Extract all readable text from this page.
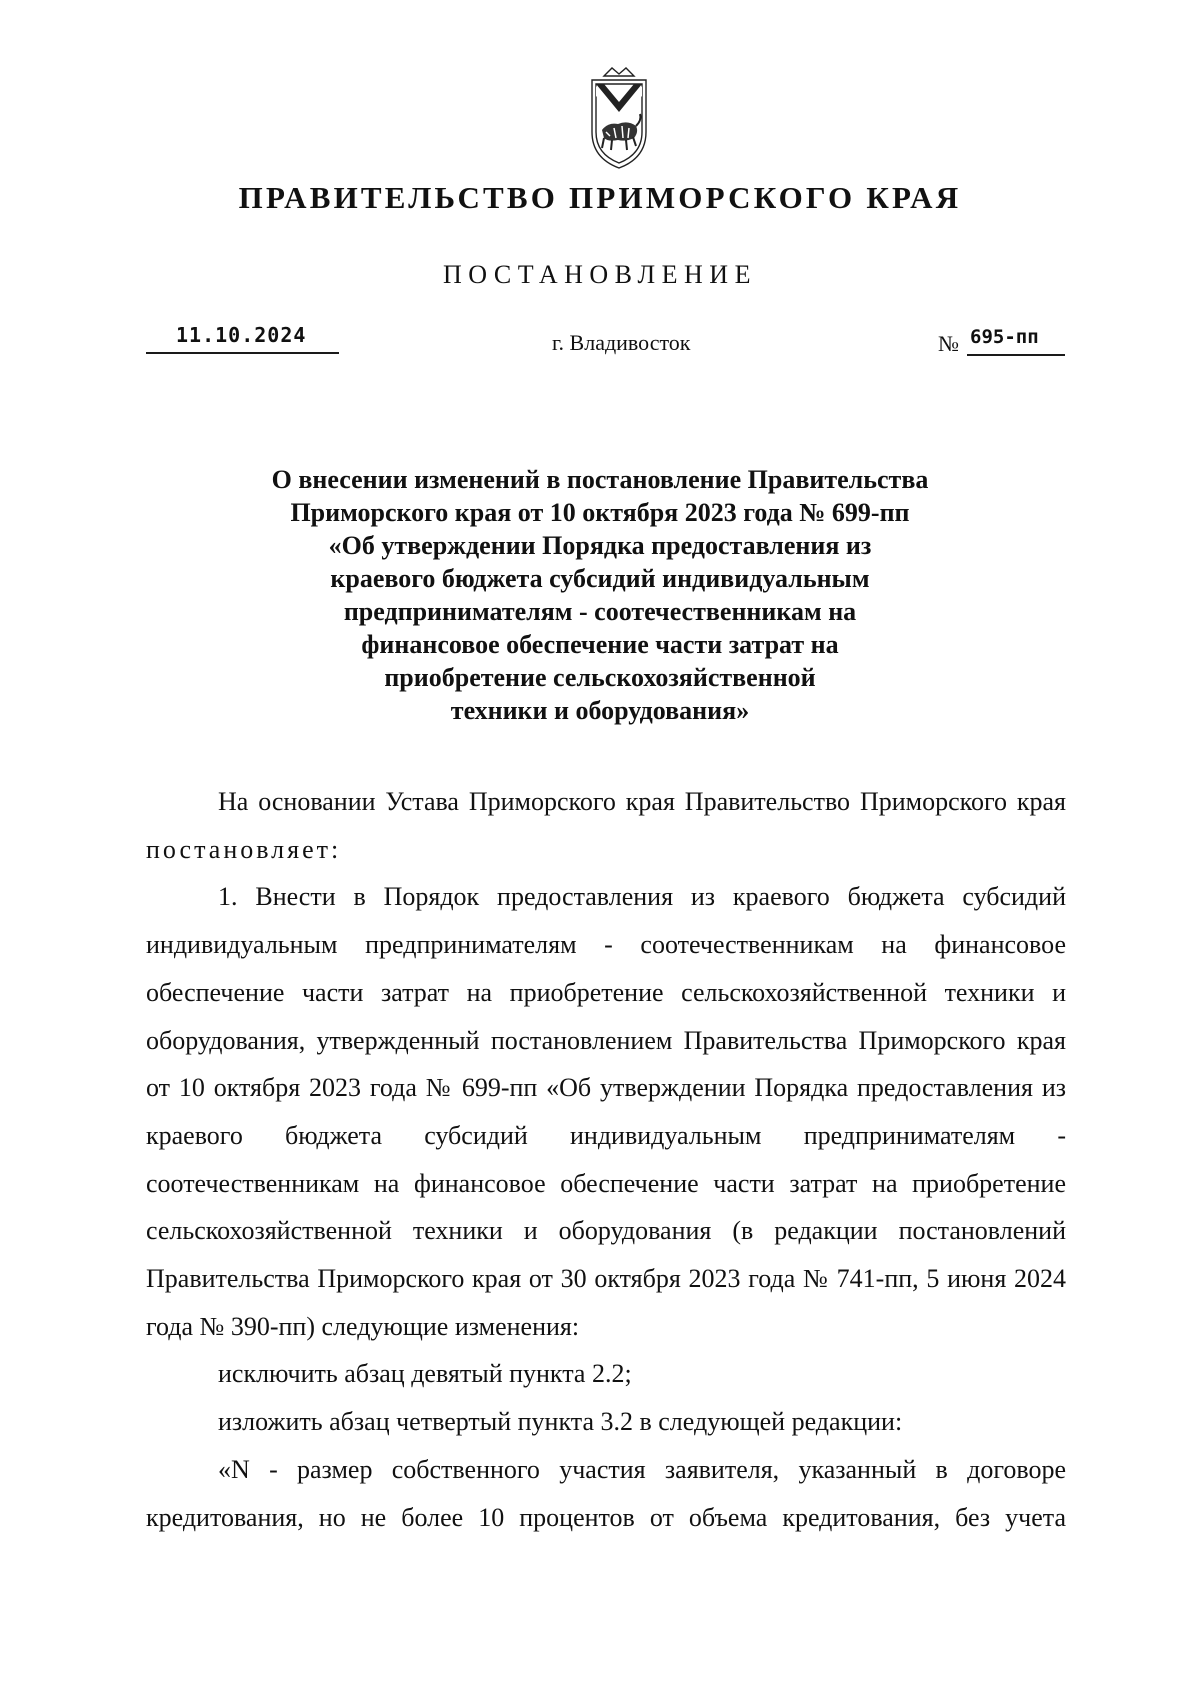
ПРАВИТЕЛЬСТВО ПРИМОРСКОГО КРАЯ
ПОСТАНОВЛЕНИЕ
11.10.2024	г. Владивосток	№ 695-пп
О внесении изменений в постановление Правительства
Приморского края от 10 октября 2023 года № 699-пп
«Об утверждении Порядка предоставления из
краевого бюджета субсидий индивидуальным
предпринимателям - соотечественникам на
финансовое обеспечение части затрат на
приобретение сельскохозяйственной
техники и оборудования»

На основании Устава Приморского края Правительство Приморского края постановляет:

1. Внести в Порядок предоставления из краевого бюджета субсидий индивидуальным предпринимателям - соотечественникам на финансовое обеспечение части затрат на приобретение сельскохозяйственной техники и оборудования, утвержденный постановлением Правительства Приморского края от 10 октября 2023 года № 699-пп «Об утверждении Порядка предоставления из краевого бюджета субсидий индивидуальным предпринимателям - соотечественникам на финансовое обеспечение части затрат на приобретение сельскохозяйственной техники и оборудования (в редакции постановлений Правительства Приморского края от 30 октября 2023 года № 741-пп, 5 июня 2024 года № 390-пп) следующие изменения:

исключить абзац девятый пункта 2.2;

изложить абзац четвертый пункта 3.2 в следующей редакции:

«N - размер собственного участия заявителя, указанный в договоре кредитования, но не более 10 процентов от объема кредитования, без учета
